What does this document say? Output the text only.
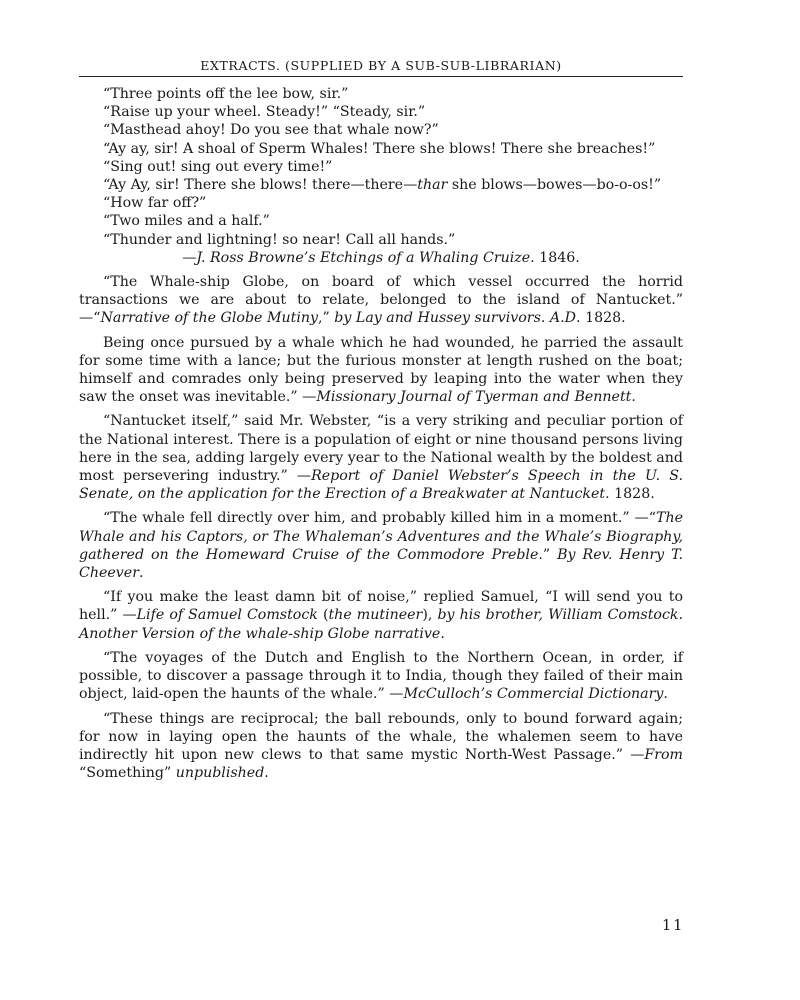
EXTRACTS. (SUPPLIED BY A SUB-SUB-LIBRARIAN)

“Three points off the lee bow, sir.”

“Raise up your wheel. Steady!” “Steady, sir.”

“Masthead ahoy! Do you see that whale now?”

“Ay ay, sir! A shoal of Sperm Whales! There she blows! There she breaches!”

“Sing out! sing out every time!”

“Ay Ay, sir! There she blows! there—there—thar she blows—bowes—bo-o-os!”

“How far off?”

“Two miles and a half.”

“Thunder and lightning! so near! Call all hands.”

—J. Ross Browne’s Etchings of a Whaling Cruize. 1846.

“The Whale-ship Globe, on board of which vessel occurred the horrid transactions we are about to relate, belonged to the island of Nantucket.” —“Narrative of the Globe Mutiny,” by Lay and Hussey survivors. A.D. 1828.

Being once pursued by a whale which he had wounded, he parried the assault for some time with a lance; but the furious monster at length rushed on the boat; himself and comrades only being preserved by leaping into the water when they saw the onset was inevitable.” —Missionary Journal of Tyerman and Bennett.

“Nantucket itself,” said Mr. Webster, “is a very striking and peculiar portion of the National interest. There is a population of eight or nine thousand persons living here in the sea, adding largely every year to the National wealth by the boldest and most persevering industry.” —Report of Daniel Webster’s Speech in the U. S. Senate, on the application for the Erection of a Breakwater at Nantucket. 1828.

“The whale fell directly over him, and probably killed him in a moment.” —“The Whale and his Captors, or The Whaleman’s Adventures and the Whale’s Biography, gathered on the Homeward Cruise of the Commodore Preble.” By Rev. Henry T. Cheever.

“If you make the least damn bit of noise,” replied Samuel, “I will send you to hell.” —Life of Samuel Comstock (the mutineer), by his brother, William Comstock. Another Version of the whale-ship Globe narrative.

“The voyages of the Dutch and English to the Northern Ocean, in order, if possible, to discover a passage through it to India, though they failed of their main object, laid-open the haunts of the whale.” —McCulloch’s Commercial Dictionary.

“These things are reciprocal; the ball rebounds, only to bound forward again; for now in laying open the haunts of the whale, the whalemen seem to have indirectly hit upon new clews to that same mystic North-West Passage.” —From “Something” unpublished.

11
